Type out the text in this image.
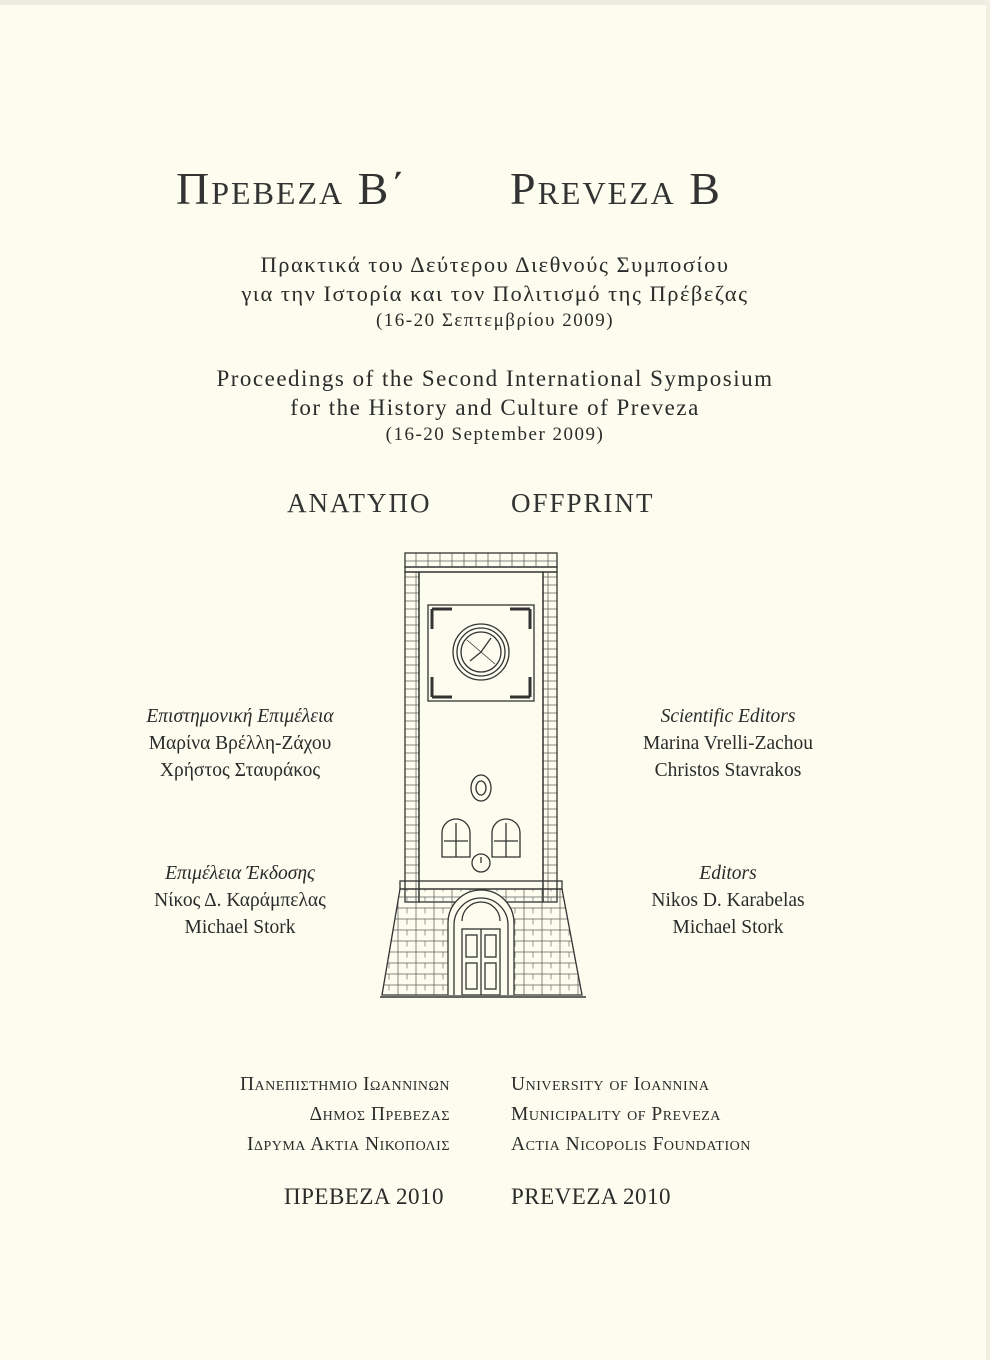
Πρεβεζα Β΄ Preveza B
Πρακτικά του Δεύτερου Διεθνούς Συμποσίου
για την Ιστορία και τον Πολιτισμό της Πρέβεζας
(16-20 Σεπτεμβρίου 2009)
Proceedings of the Second International Symposium
for the History and Culture of Preveza
(16-20 September 2009)
ΑΝΑΤΥΠΟ	OFFPRINT
Επιστημονική Επιμέλεια
Μαρίνα Βρέλλη-Ζάχου
Χρήστος Σταυράκος
Scientific Editors
Marina Vrelli-Zachou
Christos Stavrakos
Επιμέλεια Έκδοσης
Νίκος Δ. Καράμπελας
Michael Stork
Editors
Nikos D. Karabelas
Michael Stork
Πανεπιστημιο Ιωαννινων
Δημος Πρεβεζας
Ιδρυμα Ακτια Νικοπολις
University of Ioannina
Municipality of Preveza
Actia Nicopolis Foundation
ΠΡΕΒΕΖΑ 2010	PREVEZA 2010
